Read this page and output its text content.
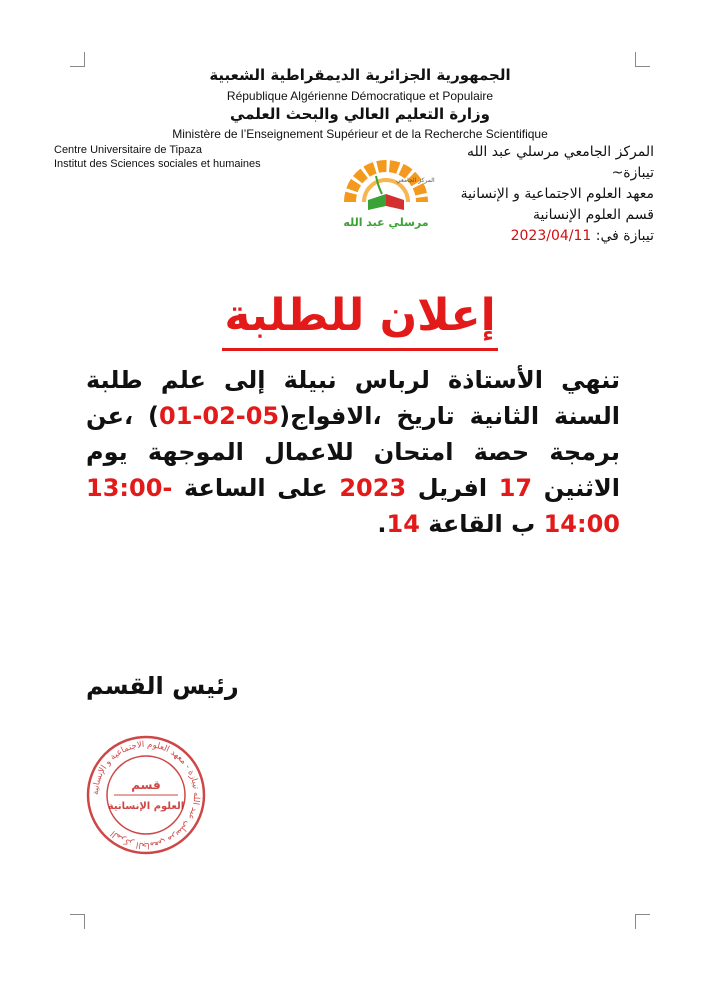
الجمهورية الجزائرية الديمقراطية الشعبية
République Algérienne Démocratique et Populaire
وزارة التعليم العالي والبحث العلمي
Ministère de l’Enseignement Supérieur et de la Recherche Scientifique
Centre Universitaire de Tipaza
Institut des Sciences sociales et humaines
المركز الجامعي مرسلي عبد الله
تيبازة~
معهد العلوم الاجتماعية و الإنسانية
قسم العلوم الإنسانية
تيبازة في: 2023/04/11
المركز الجامعي
مرسلي عبد الله
إعلان للطلبة
تنهي الأستاذة لرباس نبيلة إلى علم طلبة السنة الثانية تاريخ ،الافواج(01-02-05) ،عن برمجة حصة امتحان للاعمال الموجهة يوم الاثنين 17 افريل 2023 على الساعة 13:00-14:00 ب القاعة 14.
رئيس القسم
المركز الجامعي مرسلي عبد الله تيبازة - معهد العلوم الاجتماعية و الإنسانية
قسم
العلوم الإنسانية
